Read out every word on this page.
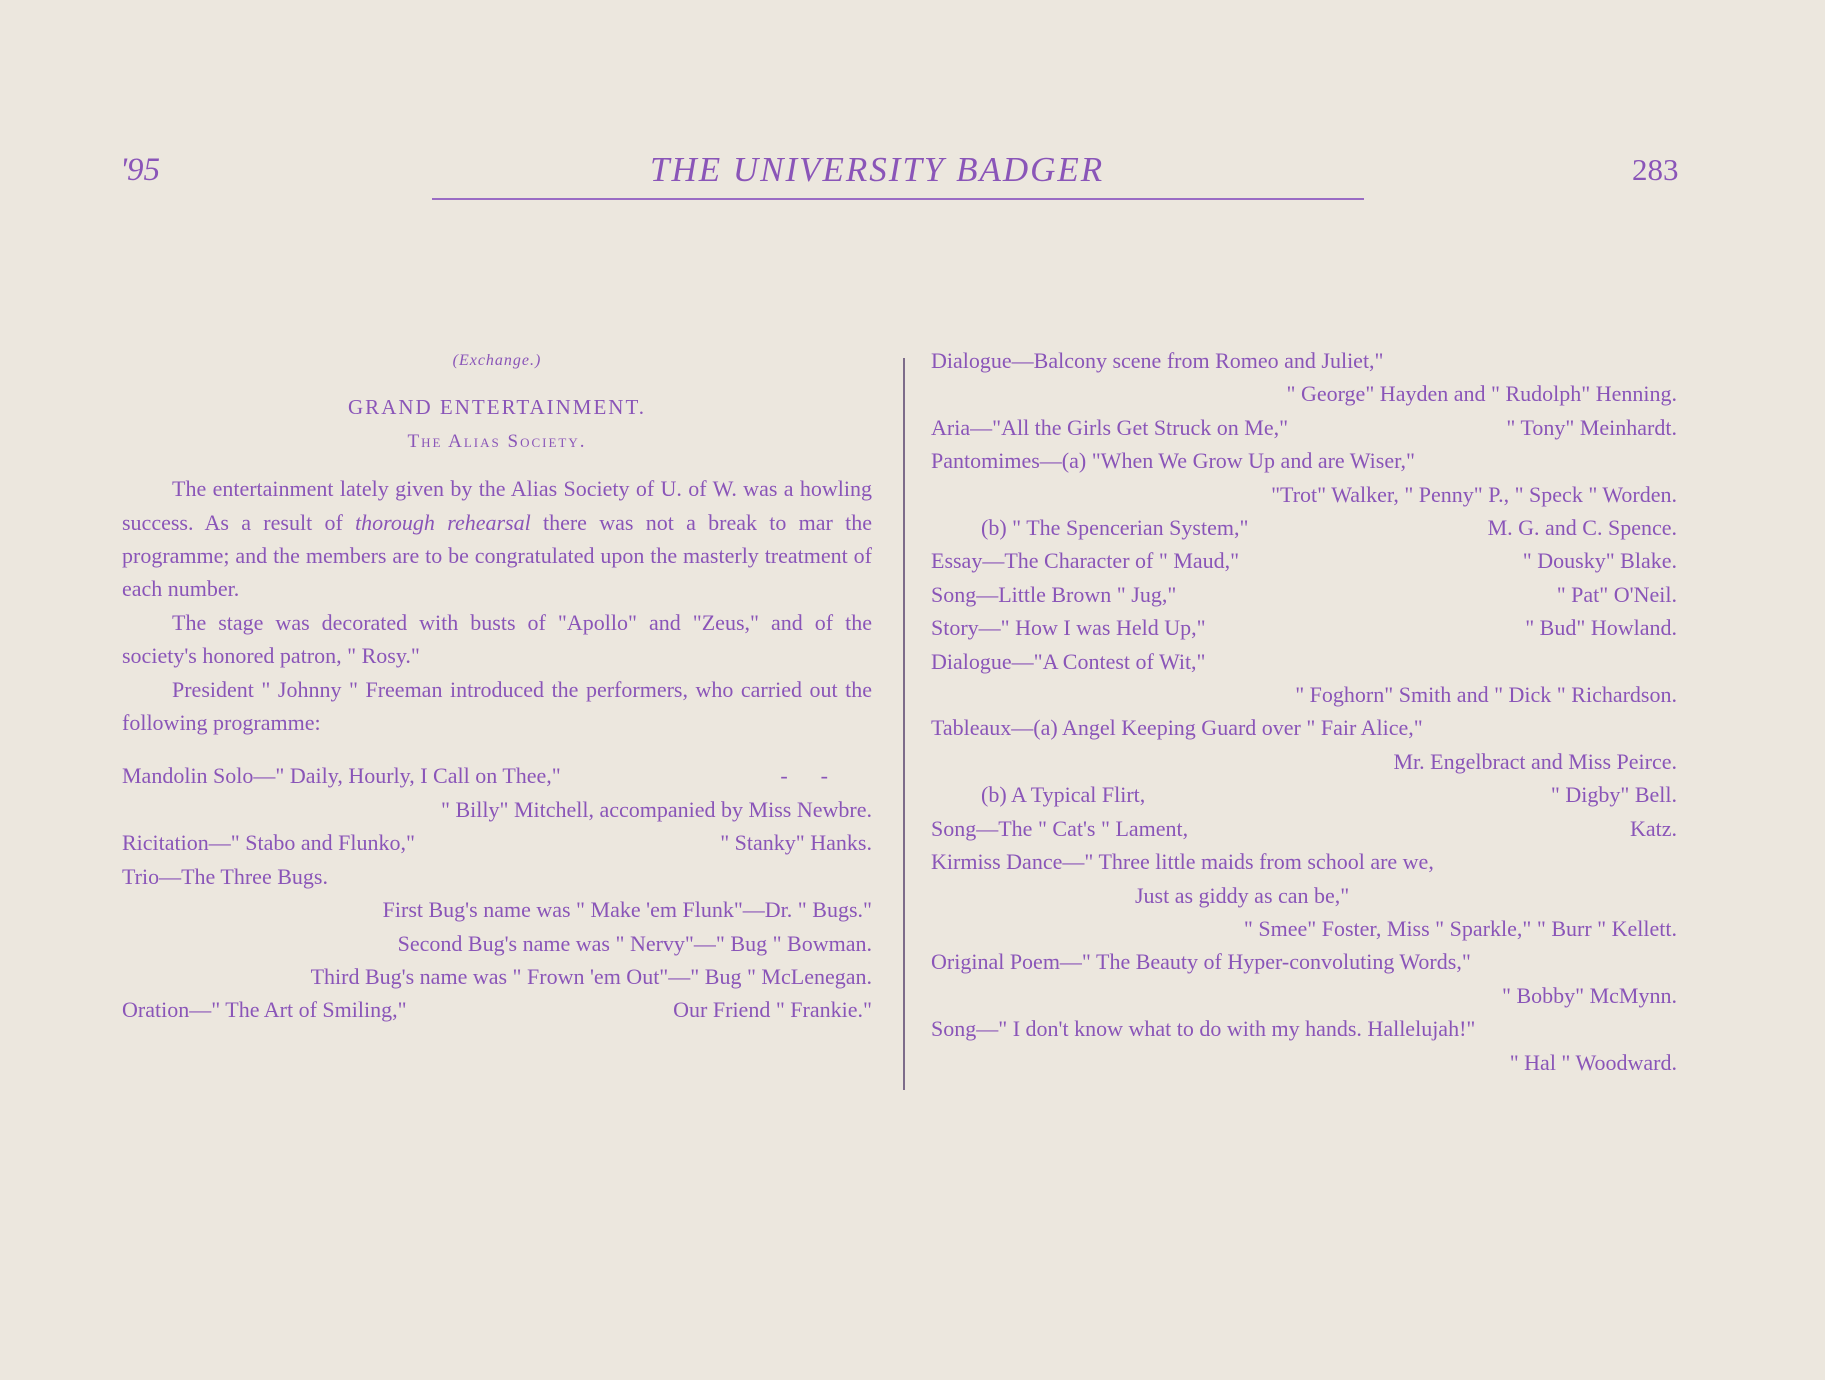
'95	THE UNIVERSITY BADGER	283

(Exchange.)

GRAND ENTERTAINMENT.

The Alias Society.

The entertainment lately given by the Alias Society of U. of W. was a howling success. As a result of thorough rehearsal there was not a break to mar the programme; and the members are to be congratulated upon the masterly treatment of each number.

The stage was decorated with busts of "Apollo" and "Zeus," and of the society's honored patron, " Rosy."

President " Johnny " Freeman introduced the performers, who carried out the following programme:

Mandolin Solo—" Daily, Hourly, I Call on Thee,"	-      -
" Billy" Mitchell, accompanied by Miss Newbre.
Ricitation—" Stabo and Flunko,"	" Stanky" Hanks.
Trio—The Three Bugs.
First Bug's name was " Make 'em Flunk"—Dr. " Bugs."
Second Bug's name was " Nervy"—" Bug " Bowman.
Third Bug's name was " Frown 'em Out"—" Bug " McLenegan.
Oration—" The Art of Smiling,"	Our Friend " Frankie."
Dialogue—Balcony scene from Romeo and Juliet,"
" George" Hayden and " Rudolph" Henning.
Aria—"All the Girls Get Struck on Me,"	" Tony" Meinhardt.
Pantomimes—(a) "When We Grow Up and are Wiser,"
"Trot" Walker, " Penny" P., " Speck " Worden.
(b) " The Spencerian System,"	M. G. and C. Spence.
Essay—The Character of " Maud,"	" Dousky" Blake.
Song—Little Brown " Jug,"	" Pat" O'Neil.
Story—" How I was Held Up,"	" Bud" Howland.
Dialogue—"A Contest of Wit,"
" Foghorn" Smith and " Dick " Richardson.
Tableaux—(a) Angel Keeping Guard over " Fair Alice,"
Mr. Engelbract and Miss Peirce.
(b) A Typical Flirt,	" Digby" Bell.
Song—The " Cat's " Lament,	Katz.
Kirmiss Dance—" Three little maids from school are we,
Just as giddy as can be,"
" Smee" Foster, Miss " Sparkle," " Burr " Kellett.
Original Poem—" The Beauty of Hyper-convoluting Words,"
" Bobby" McMynn.
Song—" I don't know what to do with my hands. Hallelujah!"
" Hal " Woodward.
